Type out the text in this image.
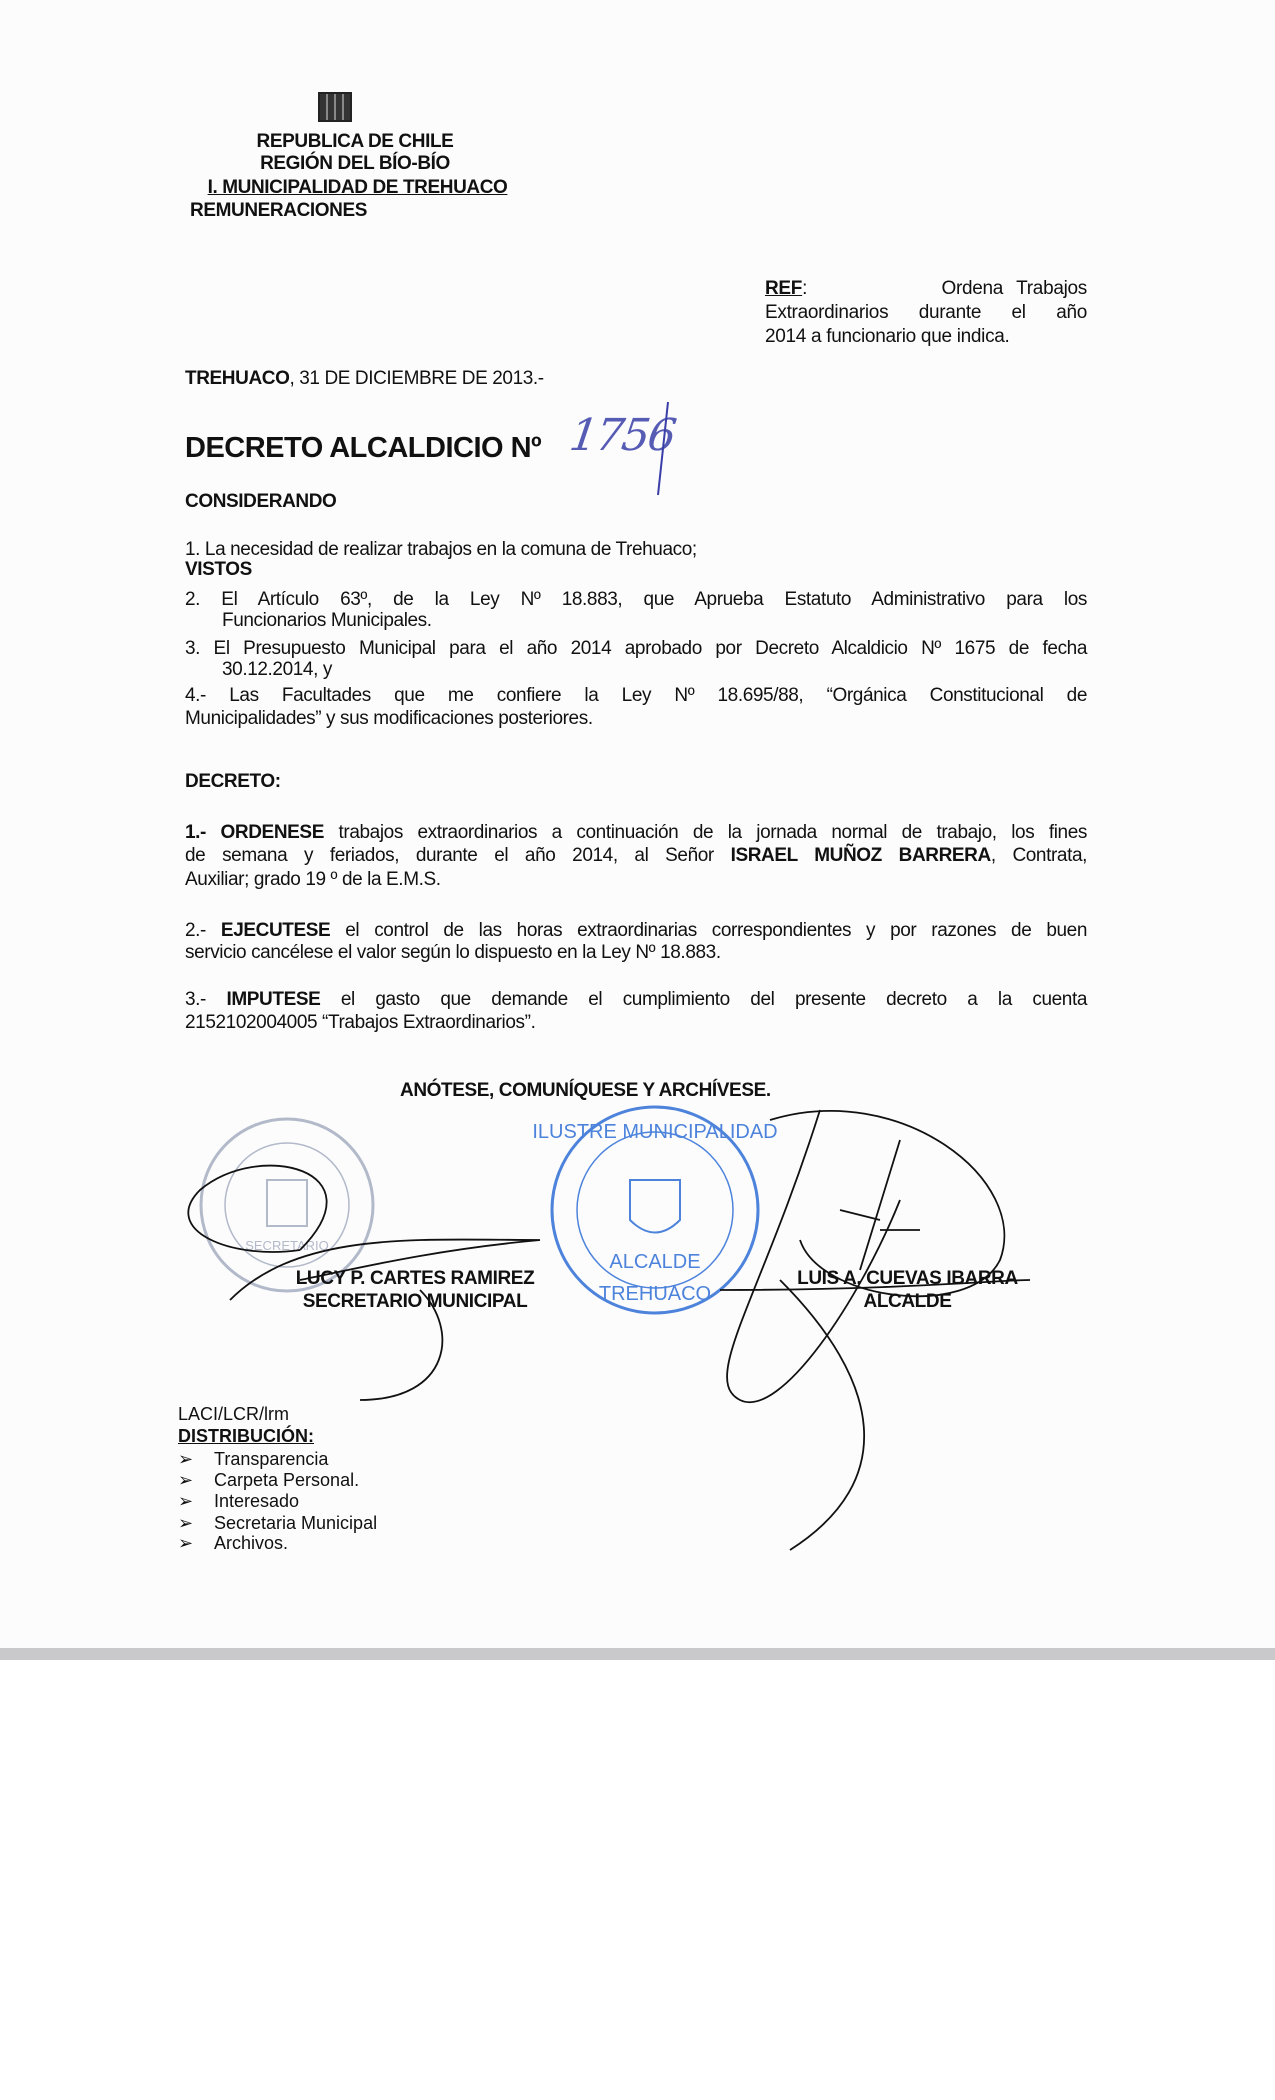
REPUBLICA DE CHILE
REGIÓN DEL BÍO-BÍO
I. MUNICIPALIDAD DE TREHUACO
REMUNERACIONES
REF:          Ordena Trabajos
Extraordinarios durante el año
2014 a funcionario que indica.
TREHUACO, 31 DE DICIEMBRE DE 2013.-
DECRETO ALCALDICIO Nº 1756
CONSIDERANDO
1. La necesidad de realizar trabajos en la comuna de Trehuaco;
VISTOS
2. El Artículo 63º, de la Ley Nº 18.883, que Aprueba Estatuto Administrativo para los
Funcionarios Municipales.
3. El Presupuesto Municipal para el año 2014 aprobado por Decreto Alcaldicio Nº 1675 de fecha
30.12.2014, y
4.- Las Facultades que me confiere la Ley Nº 18.695/88, “Orgánica Constitucional de
Municipalidades” y sus modificaciones posteriores.
DECRETO:
1.- ORDENESE trabajos extraordinarios a continuación de la jornada normal de trabajo, los fines
de semana y feriados, durante el año 2014, al Señor ISRAEL MUÑOZ BARRERA, Contrata,
Auxiliar; grado 19 º de la E.M.S.
2.- EJECUTESE el control de las horas extraordinarias correspondientes y por razones de buen
servicio cancélese el valor según lo dispuesto en la Ley Nº 18.883.
3.- IMPUTESE el gasto que demande el cumplimiento del presente decreto a la cuenta
2152102004005 “Trabajos Extraordinarios”.
ANÓTESE, COMUNÍQUESE Y ARCHÍVESE.
SECRETARIO
ALCALDE
ILUSTRE MUNICIPALIDAD
TREHUACO
LUCY P. CARTES RAMIREZ
SECRETARIO MUNICIPAL
LUIS A. CUEVAS IBARRA
ALCALDE
LACI/LCR/lrm
DISTRIBUCIÓN:
➢ Transparencia
➢ Carpeta Personal.
➢ Interesado
➢ Secretaria Municipal
➢ Archivos.
